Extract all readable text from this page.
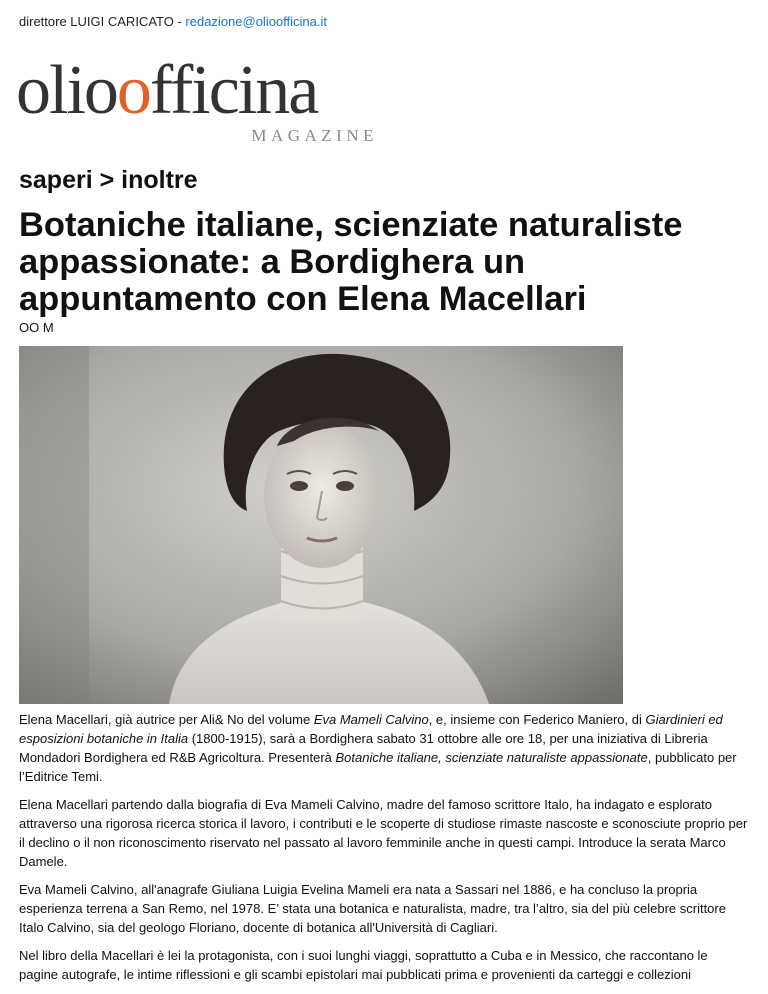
direttore LUIGI CARICATO - redazione@olioofficina.it
olioofficina
MAGAZINE
saperi > inoltre
Botaniche italiane, scienziate naturaliste appassionate: a Bordighera un appuntamento con Elena Macellari
OO M

Elena Macellari, già autrice per Ali& No del volume Eva Mameli Calvino, e, insieme con Federico Maniero, di Giardinieri ed esposizioni botaniche in Italia (1800-1915), sarà a Bordighera sabato 31 ottobre alle ore 18, per una iniziativa di Libreria Mondadori Bordighera ed R&B Agricoltura. Presenterà Botaniche italiane, scienziate naturaliste appassionate, pubblicato per l’Editrice Temi.

Elena Macellari partendo dalla biografia di Eva Mameli Calvino, madre del famoso scrittore Italo, ha indagato e esplorato attraverso una rigorosa ricerca storica il lavoro, i contributi e le scoperte di studiose rimaste nascoste e sconosciute proprio per il declino o il non riconoscimento riservato nel passato al lavoro femminile anche in questi campi. Introduce la serata Marco Damele.

Eva Mameli Calvino, all'anagrafe Giuliana Luigia Evelina Mameli era nata a Sassari nel 1886, e ha concluso la propria esperienza terrena a San Remo, nel 1978. E’ stata una botanica e naturalista, madre, tra l’altro, sia del più celebre scrittore Italo Calvino, sia del geologo Floriano, docente di botanica all'Università di Cagliari.

Nel libro della Macellari è lei la protagonista, con i suoi lunghi viaggi, soprattutto a Cuba e in Messico, che raccontano le pagine autografe, le intime riflessioni e gli scambi epistolari mai pubblicati prima e provenienti da carteggi e collezioni
